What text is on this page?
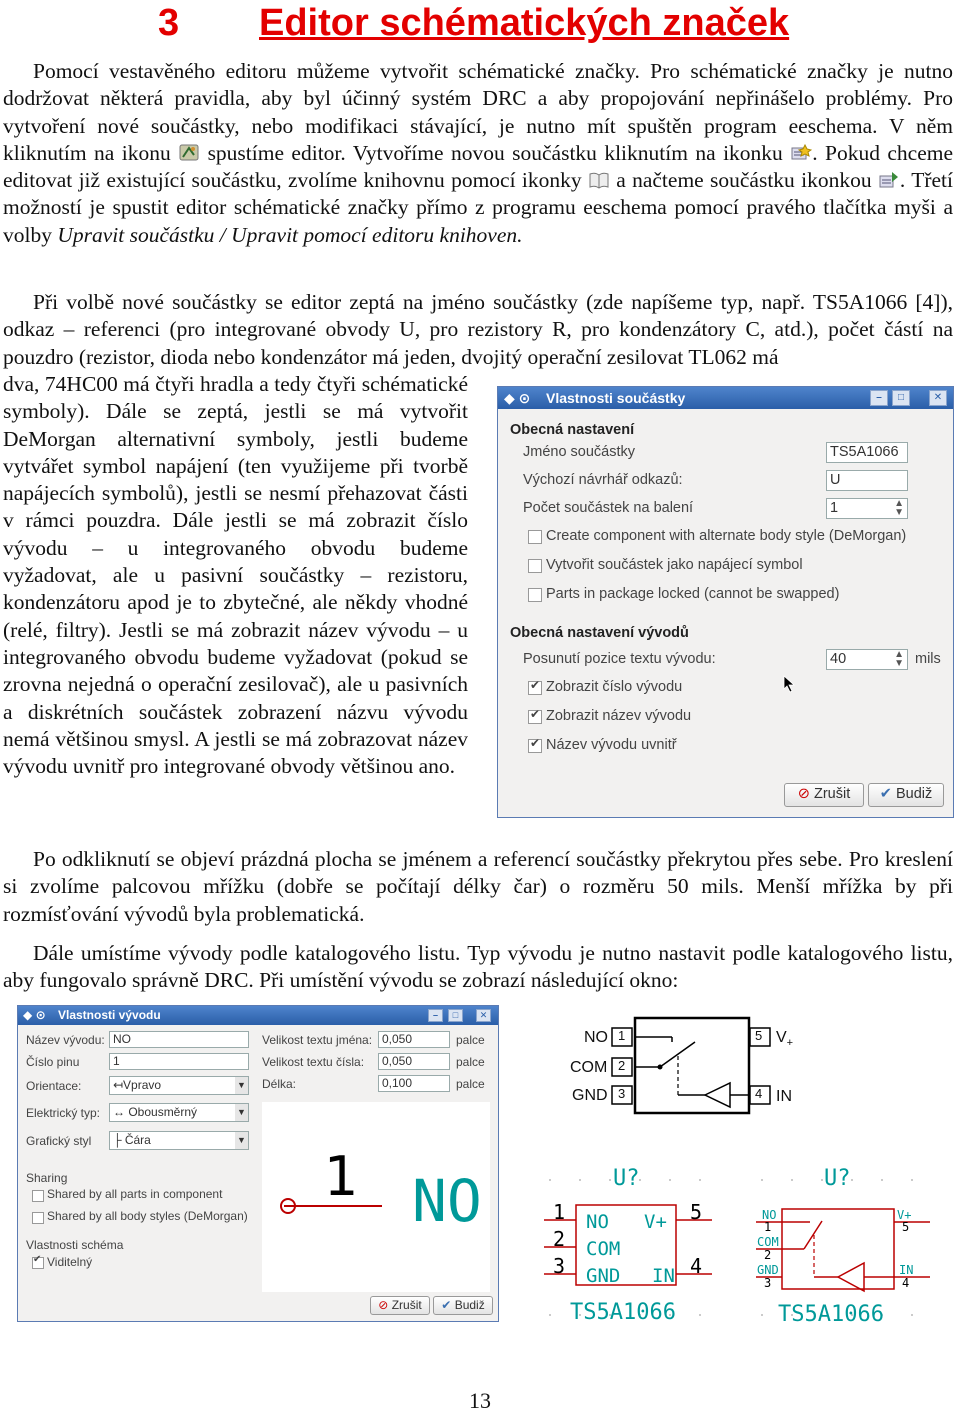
3 Editor schématických značek

Pomocí vestavěného editoru můžeme vytvořit schématické značky. Pro schématické značky je nutno dodržovat některá pravidla, aby byl účinný systém DRC a aby propojování nepřinášelo problémy. Pro vytvoření nové součástky, nebo modifikaci stávající, je nutno mít spuštěn program eeschema. V něm kliknutím na ikonu spustíme editor. Vytvoříme novou součástku kliknutím na ikonku . Pokud chceme editovat již existující součástku, zvolíme knihovnu pomocí ikonky a načteme součástku ikonkou . Třetí možností je spustit editor schématické značky přímo z programu eeschema pomocí pravého tlačítka myši a volby Upravit součástku / Upravit pomocí editoru knihoven.

Při volbě nové součástky se editor zeptá na jméno součástky (zde napíšeme typ, např. TS5A1066 [4]), odkaz – referenci (pro integrované obvody U, pro rezistory R, pro kondenzátory C, atd.), počet částí na pouzdro (rezistor, dioda nebo kondenzátor má jeden, dvojitý operační zesilovat TL062 má

dva, 74HC00 má čtyři hradla a tedy čtyři schématické symboly). Dále se zeptá, jestli se má vytvořit DeMorgan alternativní symboly, jestli budeme vytvářet symbol napájení (ten využijeme při tvorbě napájecích symbolů), jestli se nesmí přehazovat části v rámci pouzdra. Dále jestli se má zobrazit číslo vývodu – u integrovaného obvodu budeme vyžadovat, ale u pasivní součástky – rezistoru, kondenzátoru apod je to zbytečné, ale někdy vhodné (relé, filtry). Jestli se má zobrazit název vývodu – u integrovaného obvodu budeme vyžadovat (pokud se zrovna nejedná o operační zesilovač), ale u pasivních a diskrétních součástek zobrazení názvu vývodu nemá většinou smysl. A jestli se má zobrazovat název vývodu uvnitř pro integrované obvody většinou ano.

◆ ⊙ Vlastnosti součástky	–	□	✕
Obecná nastavení
Jméno součástky	TS5A1066
Výchozí návrhář odkazů:	U
Počet součástek na balení	1	▲
▼
Create component with alternate body style (DeMorgan)
Vytvořit součástek jako napájecí symbol
Parts in package locked (cannot be swapped)
Obecná nastavení vývodů
Posunutí pozice textu vývodu:	40	▲
▼ mils
✔ Zobrazit číslo vývodu
✔ Zobrazit název vývodu
✔ Název vývodu uvnitř
⊘ Zrušit	✔ Budiž

Po odkliknutí se objeví prázdná plocha se jménem a referencí součástky překrytou přes sebe. Pro kreslení si zvolíme palcovou mřížku (dobře se počítají délky čar) o rozměru 50 mils. Menší mřížka by při rozmísťování vývodů byla problematická.

Dále umístíme vývody podle katalogového listu. Typ vývodu je nutno nastavit podle katalogového listu, aby fungovalo správně DRC. Při umístění vývodu se zobrazí následující okno:

◆ ⊙ Vlastnosti vývodu	–	□	✕
Název vývodu: NO
Číslo pinu	1
Orientace:	↤Vpravo	▼
Elektrický typ:	↔ Obousměrný	▼
Grafický styl	├ Čára	▼
Velikost textu jména: 0,050	palce
Velikost textu čísla:	0,050	palce
Délka:	0,100	palce
Sharing
Shared by all parts in component
Shared by all body styles (DeMorgan)
Vlastnosti schéma
✔ Viditelný
1 NO
⊘ Zrušit	✔ Budiž
NO
COM
GND
1
2
3
5
4
$V_+$
IN
U?
1
2
3
NO
COM
GND
5
4
V+
IN
TS5A1066
U?
NO
1
COM
2
GND
3
V+
5
IN
4
TS5A1066
13
